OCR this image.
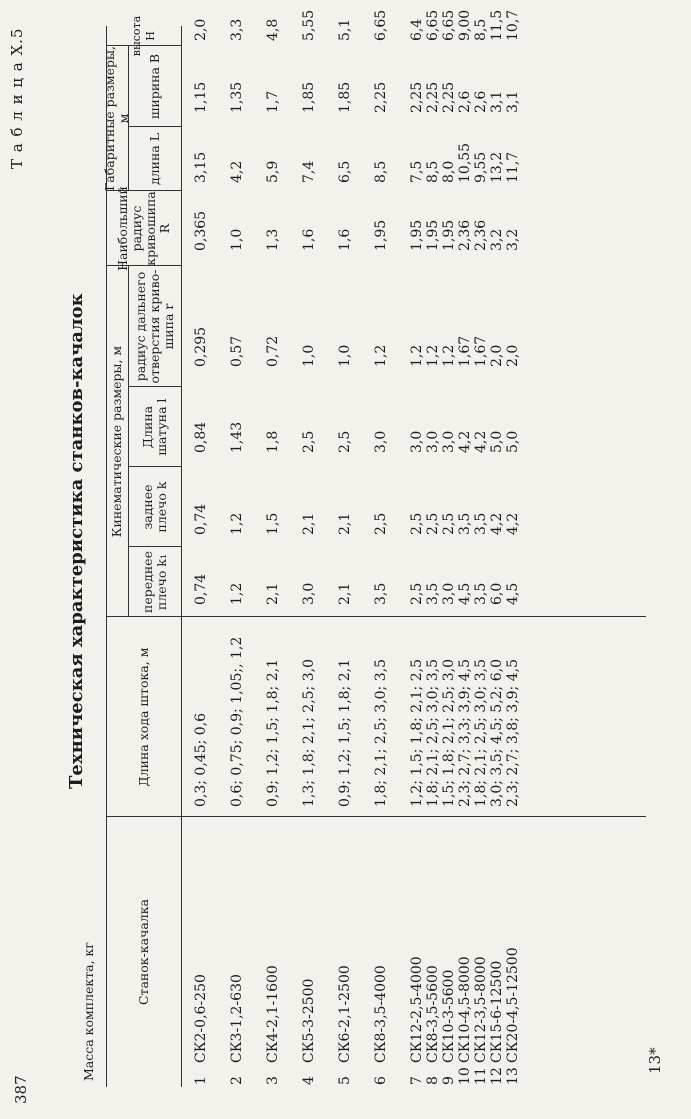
Т а б л и ц а X.5
Техническая характеристика станков-качалок
387
13*
Станок-качалка
Длина хода штока, м
Кинематические размеры, м
переднее плечо k₁
заднее плечо k
Длина шатуна l
радиус дальнего отверстия криво-шипа r
Наибольший радиус кривошипа R
Габаритные размеры, м
длина L
ширина B
высота H
Масса комплекта, кг	1
СК2-0,6-250
0,3; 0,45; 0,6
0,74
0,74
0,84
0,295
0,365
3,15
1,15
2,0
2
СК3-1,2-630
0,6; 0,75; 0,9; 1,05;, 1,2
1,2
1,2
1,43
0,57
1,0
4,2
1,35
3,3
3
СК4-2,1-1600
0,9; 1,2; 1,5; 1,8; 2,1
2,1
1,5
1,8
0,72
1,3
5,9
1,7
4,8
4
СК5-3-2500
1,3; 1,8; 2,1; 2,5; 3,0
3,0
2,1
2,5
1,0
1,6
7,4
1,85
5,55
5
СК6-2,1-2500
0,9; 1,2; 1,5; 1,8; 2,1
2,1
2,1
2,5
1,0
1,6
6,5
1,85
5,1
6
СК8-3,5-4000
1,8; 2,1; 2,5; 3,0; 3,5
3,5
2,5
3,0
1,2
1,95
8,5
2,25
6,65
7
СК12-2,5-4000
1,2; 1,5; 1,8; 2,1; 2,5
2,5
2,5
3,0
1,2
1,95
7,5
2,25
6,4
8
СК8-3,5-5600
1,8; 2,1; 2,5; 3,0; 3,5
3,5
2,5
3,0
1,2
1,95
8,5
2,25
6,65
9
СК10-3-5600
1,5; 1,8; 2,1; 2,5; 3,0
3,0
2,5
3,0
1,2
1,95
8,0
2,25
6,65
10
СК10-4,5-8000
2,3; 2,7; 3,3; 3,9; 4,5
4,5
3,5
4,2
1,67
2,36
10,55
2,6
9,00
11
СК12-3,5-8000
1,8; 2,1; 2,5; 3,0; 3,5
3,5
3,5
4,2
1,67
2,36
9,55
2,6
8,5
12
СК15-6-12500
3,0; 3,5; 4,5; 5,2; 6,0
6,0
4,2
5,0
2,0
3,2
13,2
3,1
11,5
13
СК20-4,5-12500
2,3; 2,7; 3,8; 3,9; 4,5
4,5
4,2
5,0
2,0
3,2
11,7
3,1
10,7
